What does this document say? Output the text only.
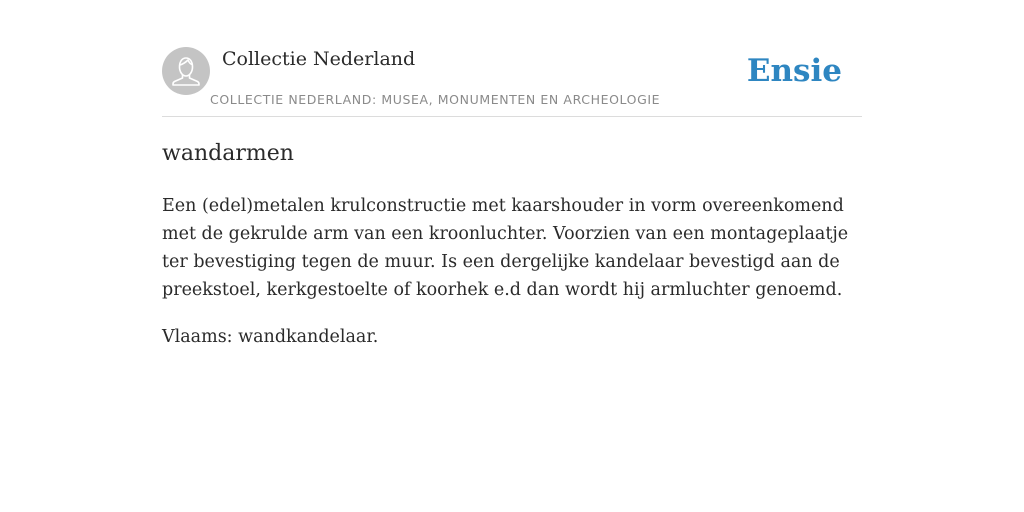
Collectie Nederland
COLLECTIE NEDERLAND: MUSEA, MONUMENTEN EN ARCHEOLOGIE
Ensie
wandarmen

Een (edel)metalen krulconstructie met kaarshouder in vorm overeenkomend met de gekrulde arm van een kroonluchter. Voorzien van een montageplaatje ter bevestiging tegen de muur. Is een dergelijke kandelaar bevestigd aan de preekstoel, kerkgestoelte of koorhek e.d dan wordt hij armluchter genoemd.

Vlaams: wandkandelaar.
